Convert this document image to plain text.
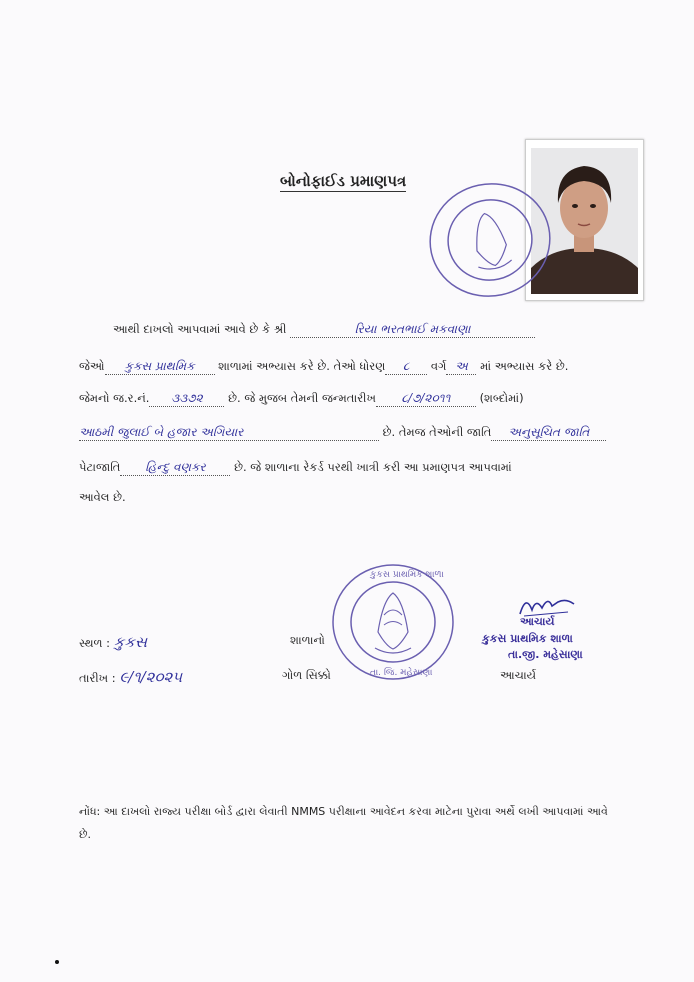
બોનોફાઈડ પ્રમાણપત્ર
આથી દાખલો આપવામાં આવે છે કે શ્રી	રિયા ભરતભાઈ મકવાણા
જેઓ કુકસ પ્રાથમિક શાળામાં અભ્યાસ કરે છે. તેઓ ધોરણ ૮ વર્ગ અ માં અભ્યાસ કરે છે.
જેમનો જ.ર.નં. ૩૩૭૨ છે. જે મુજબ તેમની જન્મતારીખ ૮/૭/૨૦૧૧	(શબ્દોમાં)
આઠમી જુલાઈ બે હજાર અગિયાર	છે. તેમજ તેઓની જાતિ અનુસૂચિત જાતિ
પેટાજાતિ હિન્દુ વણકર છે. જે શાળાના રેકર્ડ પરથી ખાત્રી કરી આ પ્રમાણપત્ર આપવામાં
આવેલ છે.
સ્થળ : કુકસ
તારીખ : ૯/૧/૨૦૨૫
શાળાનો
ગોળ સિક્કો
કુકસ પ્રાથમિક શાળા
તા. જિ. મહેસાણા
આચાર્ય
કુકસ પ્રાથમિક શાળા
તા.જી. મહેસાણા
આચાર્ય
નોંધ: આ દાખલો રાજ્ય પરીક્ષા બોર્ડ દ્વારા લેવાતી NMMS પરીક્ષાના આવેદન કરવા માટેના પુરાવા અર્થે લખી આપવામાં આવે છે.
